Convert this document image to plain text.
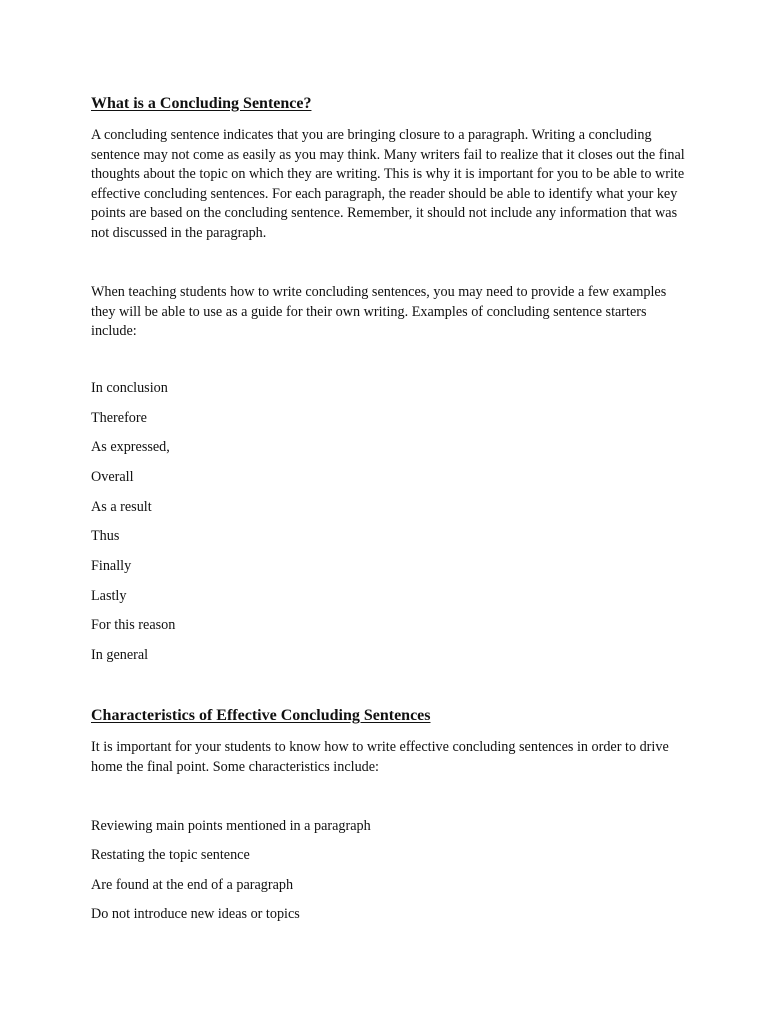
What is a Concluding Sentence?

A concluding sentence indicates that you are bringing closure to a paragraph. Writing a concluding sentence may not come as easily as you may think. Many writers fail to realize that it closes out the final thoughts about the topic on which they are writing. This is why it is important for you to be able to write effective concluding sentences. For each paragraph, the reader should be able to identify what your key points are based on the concluding sentence. Remember, it should not include any information that was not discussed in the paragraph.

When teaching students how to write concluding sentences, you may need to provide a few examples they will be able to use as a guide for their own writing. Examples of concluding sentence starters include:

In conclusion

Therefore

As expressed,

Overall

As a result

Thus

Finally

Lastly

For this reason

In general

Characteristics of Effective Concluding Sentences

It is important for your students to know how to write effective concluding sentences in order to drive home the final point. Some characteristics include:

Reviewing main points mentioned in a paragraph

Restating the topic sentence

Are found at the end of a paragraph

Do not introduce new ideas or topics
